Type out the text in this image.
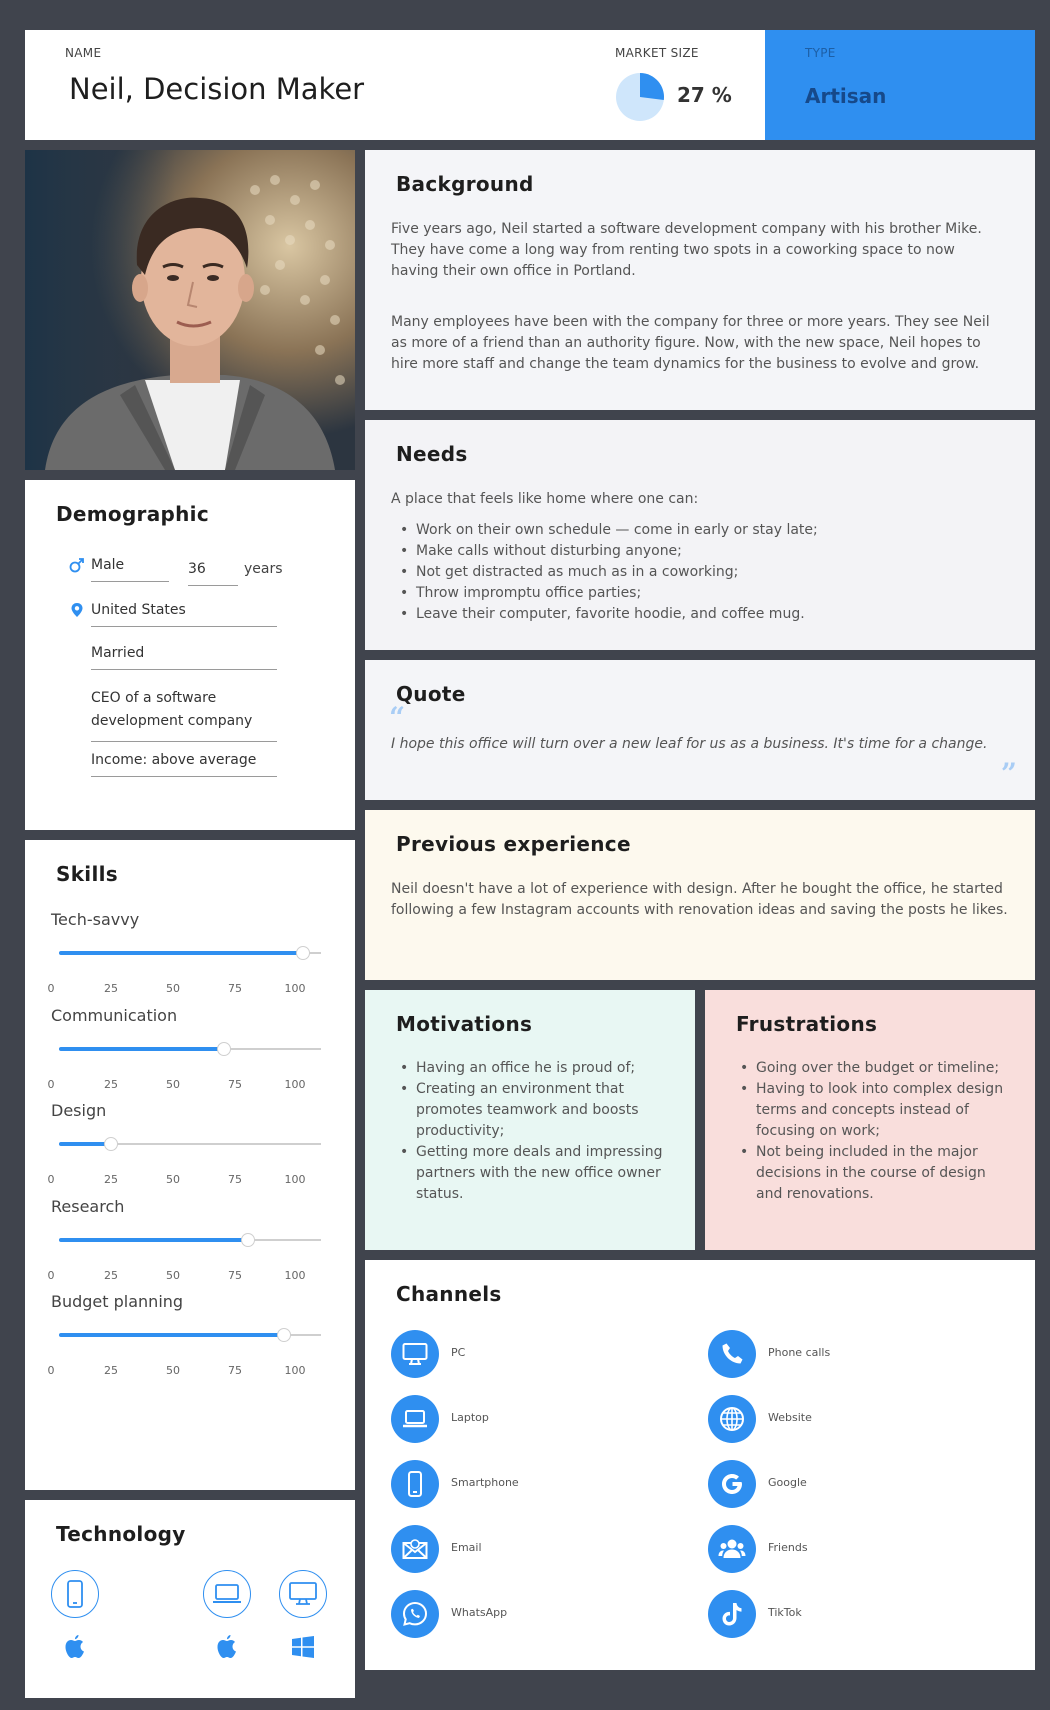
NAME
Neil, Decision Maker
MARKET SIZE
27 %
TYPE
Artisan
Demographic
Male	36	years
United States
Married
CEO of a software
development company
Income: above average
Skills
Tech-savvy
0	25	50	75	100
Communication
0	25	50	75	100
Design
0	25	50	75	100
Research
0	25	50	75	100
Budget planning
0	25	50	75	100
Technology
Background

Five years ago, Neil started a software development company with his brother Mike. They have come a long way from renting two spots in a coworking space to now having their own office in Portland.

Many employees have been with the company for three or more years. They see Neil as more of a friend than an authority figure. Now, with the new space, Neil hopes to hire more staff and change the team dynamics for the business to evolve and grow.

Needs

A place that feels like home where one can:

• Work on their own schedule — come in early or stay late;
• Make calls without disturbing anyone;
• Not get distracted as much as in a coworking;
• Throw impromptu office parties;
• Leave their computer, favorite hoodie, and coffee mug.
Quote
“

I hope this office will turn over a new leaf for us as a business. It's time for a change.

”
Previous experience

Neil doesn't have a lot of experience with design. After he bought the office, he started following a few Instagram accounts with renovation ideas and saving the posts he likes.

Motivations
• Having an office he is proud of;
• Creating an environment that promotes teamwork and boosts productivity;
• Getting more deals and impressing partners with the new office owner status.
Frustrations
• Going over the budget or timeline;
• Having to look into complex design terms and concepts instead of focusing on work;
• Not being included in the major decisions in the course of design and renovations.
Channels
PC
Laptop
Smartphone
Email
WhatsApp
Phone calls
Website
Google
Friends
TikTok
